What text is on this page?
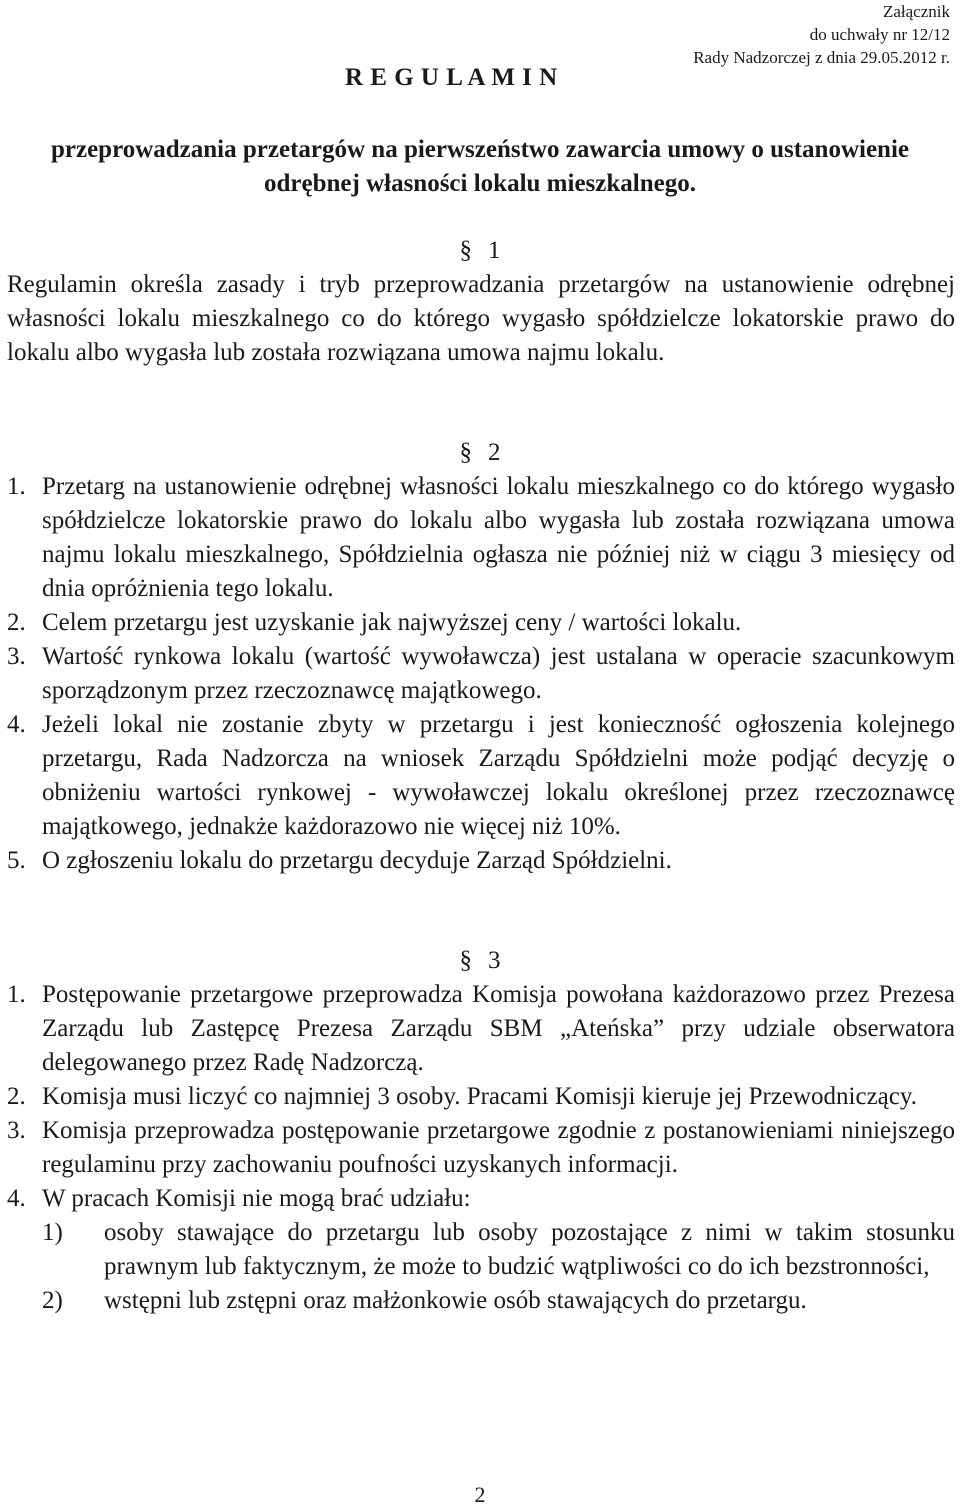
Załącznik
do uchwały nr 12/12
Rady Nadzorczej z dnia 29.05.2012 r.
R E G U L A M I N

przeprowadzania przetargów na pierwszeństwo zawarcia umowy o ustanowienie odrębnej własności lokalu mieszkalnego.

§ 1

Regulamin określa zasady i tryb przeprowadzania przetargów na ustanowienie odrębnej własności lokalu mieszkalnego co do którego wygasło spółdzielcze lokatorskie prawo do lokalu albo wygasła lub została rozwiązana umowa najmu lokalu.

§ 2

1. Przetarg na ustanowienie odrębnej własności lokalu mieszkalnego co do którego wygasło spółdzielcze lokatorskie prawo do lokalu albo wygasła lub została rozwiązana umowa najmu lokalu mieszkalnego, Spółdzielnia ogłasza nie później niż w ciągu 3 miesięcy od dnia opróżnienia tego lokalu.
2. Celem przetargu jest uzyskanie jak najwyższej ceny / wartości lokalu.
3. Wartość rynkowa lokalu (wartość wywoławcza) jest ustalana w operacie szacunkowym sporządzonym przez rzeczoznawcę majątkowego.
4. Jeżeli lokal nie zostanie zbyty w przetargu i jest konieczność ogłoszenia kolejnego przetargu, Rada Nadzorcza na wniosek Zarządu Spółdzielni może podjąć decyzję o obniżeniu wartości rynkowej - wywoławczej lokalu określonej przez rzeczoznawcę majątkowego, jednakże każdorazowo nie więcej niż 10%.
5. O zgłoszeniu lokalu do przetargu decyduje Zarząd Spółdzielni.

§ 3

1. Postępowanie przetargowe przeprowadza Komisja powołana każdorazowo przez Prezesa Zarządu lub Zastępcę Prezesa Zarządu SBM „Ateńska” przy udziale obserwatora delegowanego przez Radę Nadzorczą.
2. Komisja musi liczyć co najmniej 3 osoby. Pracami Komisji kieruje jej Przewodniczący.
3. Komisja przeprowadza postępowanie przetargowe zgodnie z postanowieniami niniejszego regulaminu przy zachowaniu poufności uzyskanych informacji.
4. W pracach Komisji nie mogą brać udziału:
1)	osoby stawające do przetargu lub osoby pozostające z nimi w takim stosunku prawnym lub faktycznym, że może to budzić wątpliwości co do ich bezstronności,
2)	wstępni lub zstępni oraz małżonkowie osób stawających do przetargu.

2
